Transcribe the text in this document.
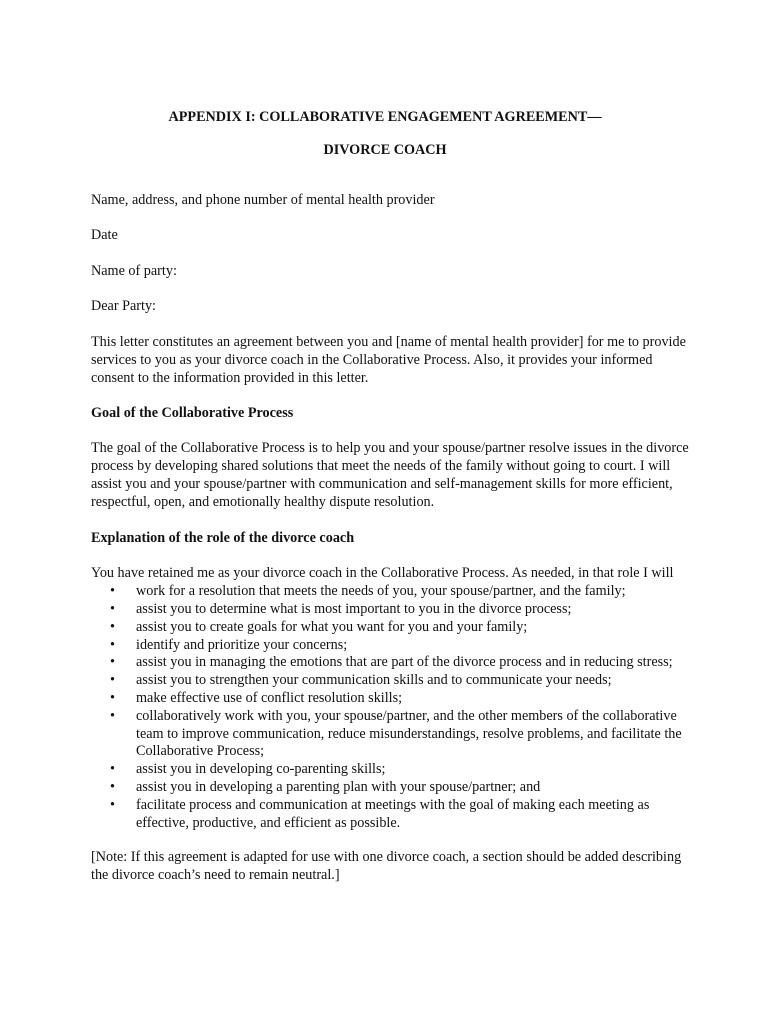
APPENDIX I: COLLABORATIVE ENGAGEMENT AGREEMENT—

DIVORCE COACH

Name, address, and phone number of mental health provider

Date

Name of party:

Dear Party:

This letter constitutes an agreement between you and [name of mental health provider] for me to provide services to you as your divorce coach in the Collaborative Process. Also, it provides your informed consent to the information provided in this letter.

Goal of the Collaborative Process

The goal of the Collaborative Process is to help you and your spouse/partner resolve issues in the divorce process by developing shared solutions that meet the needs of the family without going to court. I will assist you and your spouse/partner with communication and self-management skills for more efficient, respectful, open, and emotionally healthy dispute resolution.

Explanation of the role of the divorce coach

You have retained me as your divorce coach in the Collaborative Process. As needed, in that role I will

• work for a resolution that meets the needs of you, your spouse/partner, and the family;
• assist you to determine what is most important to you in the divorce process;
• assist you to create goals for what you want for you and your family;
• identify and prioritize your concerns;
• assist you in managing the emotions that are part of the divorce process and in reducing stress;
• assist you to strengthen your communication skills and to communicate your needs;
• make effective use of conflict resolution skills;
• collaboratively work with you, your spouse/partner, and the other members of the collaborative team to improve communication, reduce misunderstandings, resolve problems, and facilitate the Collaborative Process;
• assist you in developing co-parenting skills;
• assist you in developing a parenting plan with your spouse/partner; and
• facilitate process and communication at meetings with the goal of making each meeting as effective, productive, and efficient as possible.

[Note: If this agreement is adapted for use with one divorce coach, a section should be added describing the divorce coach’s need to remain neutral.]
